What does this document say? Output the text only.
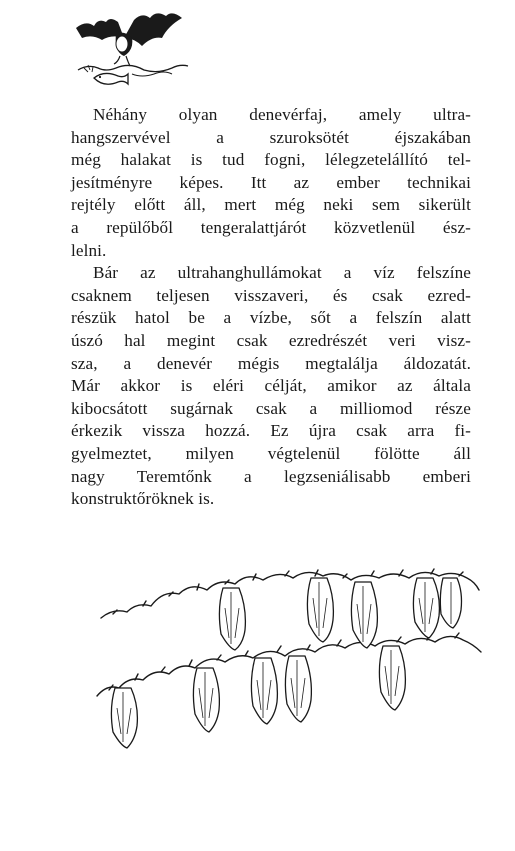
Néhány olyan denevérfaj, amely ultra-
hangszervével a szuroksötét éjszakában
még halakat is tud fogni, lélegzetelállító tel-
jesítményre képes. Itt az ember technikai
rejtély előtt áll, mert még neki sem sikerült
a repülőből tengeralattjárót közvetlenül ész-
lelni.

Bár az ultrahanghullámokat a víz felszíne
csaknem teljesen visszaveri, és csak ezred-
részük hatol be a vízbe, sőt a felszín alatt
úszó hal megint csak ezredrészét veri visz-
sza, a denevér mégis megtalálja áldozatát.
Már akkor is eléri célját, amikor az általa
kibocsátott sugárnak csak a milliomod része
érkezik vissza hozzá. Ez újra csak arra fi-
gyelmeztet, milyen végtelenül fölötte áll
nagy Teremtőnk a legzseniálisabb emberi
konstruktőröknek is.
